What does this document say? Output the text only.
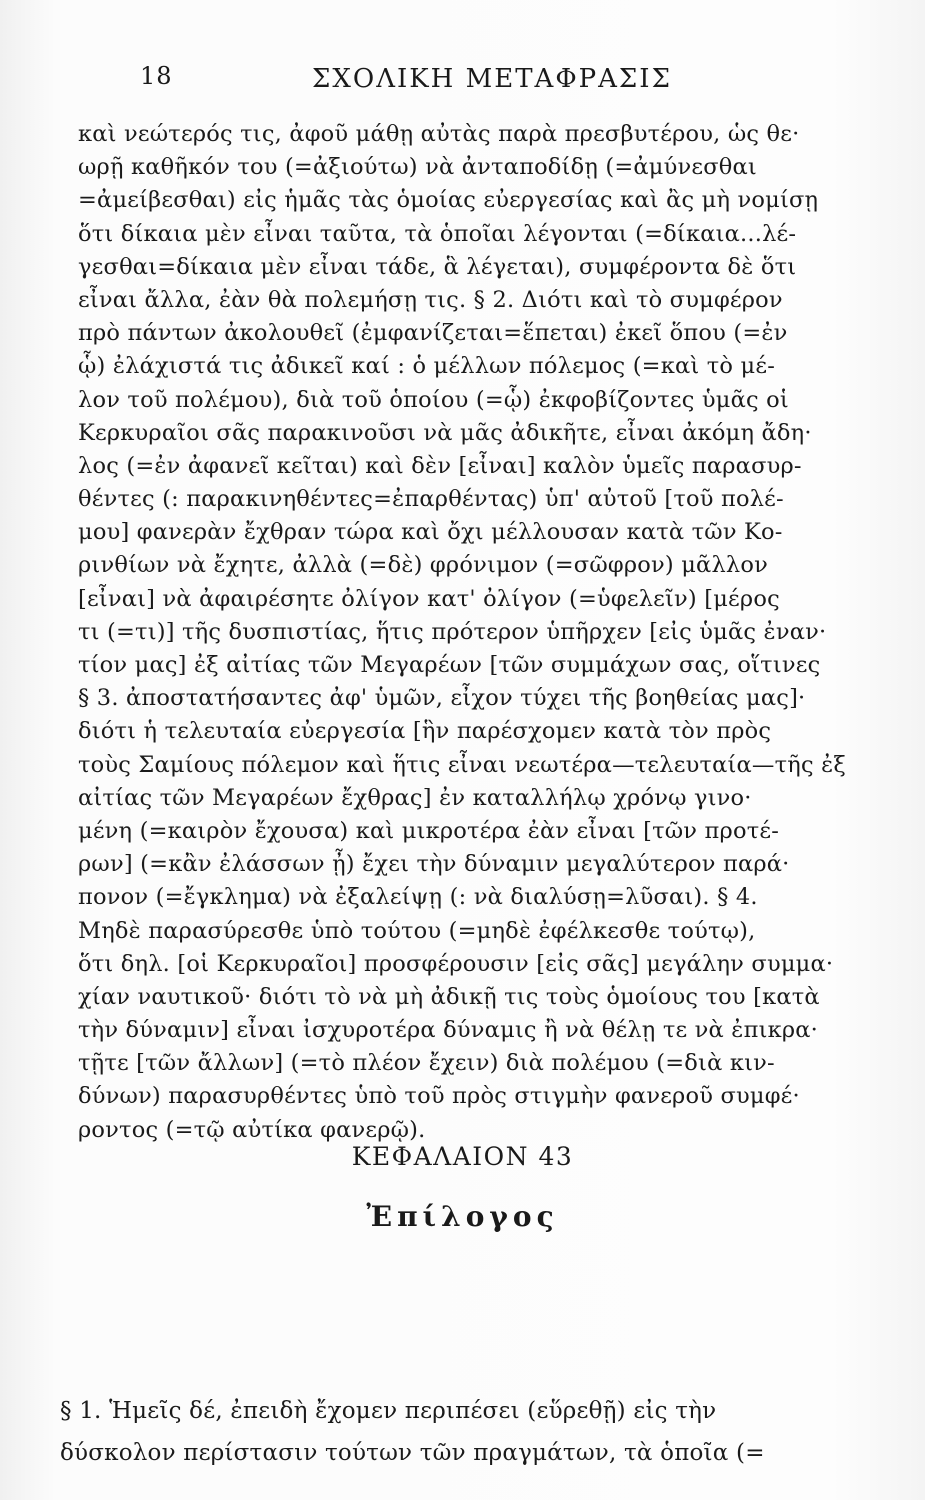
18	ΣΧΟΛΙΚΗ ΜΕΤΑΦΡΑΣΙΣ
καὶ νεώτερός τις, ἀφοῦ μάθῃ αὐτὰς παρὰ πρεσβυτέρου, ὡς θε·
ωρῇ καθῆκόν του (=ἀξιούτω) νὰ ἀνταποδίδῃ (=ἀμύνεσθαι
=ἀμείβεσθαι) εἰς ἡμᾶς τὰς ὁμοίας εὐεργεσίας καὶ ἂς μὴ νομίσῃ
ὅτι δίκαια μὲν εἶναι ταῦτα, τὰ ὁποῖαι λέγονται (=δίκαια...λέ-
γεσθαι=δίκαια μὲν εἶναι τάδε, ἃ λέγεται), συμφέροντα δὲ ὅτι
εἶναι ἄλλα, ἐὰν θὰ πολεμήσῃ τις. § 2. Διότι καὶ τὸ συμφέρον
πρὸ πάντων ἀκολουθεῖ (ἐμφανίζεται=ἕπεται) ἐκεῖ ὅπου (=ἐν
ᾧ) ἐλάχιστά τις ἀδικεῖ καί : ὁ μέλλων πόλεμος (=καὶ τὸ μέ-
λον τοῦ πολέμου), διὰ τοῦ ὁποίου (=ᾧ) ἐκφοβίζοντες ὑμᾶς οἱ
Κερκυραῖοι σᾶς παρακινοῦσι νὰ μᾶς ἀδικῆτε, εἶναι ἀκόμη ἄδη·
λος (=ἐν ἀφανεῖ κεῖται) καὶ δὲν [εἶναι] καλὸν ὑμεῖς παρασυρ-
θέντες (: παρακινηθέντες=ἐπαρθέντας) ὑπ' αὐτοῦ [τοῦ πολέ-
μου] φανερὰν ἔχθραν τώρα καὶ ὄχι μέλλουσαν κατὰ τῶν Κο-
ρινθίων νὰ ἔχητε, ἀλλὰ (=δὲ) φρόνιμον (=σῶφρον) μᾶλλον
[εἶναι] νὰ ἀφαιρέσητε ὀλίγον κατ' ὀλίγον (=ὑφελεῖν) [μέρος
τι (=τι)] τῆς δυσπιστίας, ἥτις πρότερον ὑπῆρχεν [εἰς ὑμᾶς ἐναν·
τίον μας] ἐξ αἰτίας τῶν Μεγαρέων [τῶν συμμάχων σας, οἵτινες
§ 3. ἀποστατήσαντες ἀφ' ὑμῶν, εἶχον τύχει τῆς βοηθείας μας]·
διότι ἡ τελευταία εὐεργεσία [ἣν παρέσχομεν κατὰ τὸν πρὸς
τοὺς Σαμίους πόλεμον καὶ ἥτις εἶναι νεωτέρα—τελευταία—τῆς ἐξ
αἰτίας τῶν Μεγαρέων ἔχθρας] ἐν καταλλήλῳ χρόνῳ γινο·
μένη (=καιρὸν ἔχουσα) καὶ μικροτέρα ἐὰν εἶναι [τῶν προτέ-
ρων] (=κἂν ἐλάσσων ᾖ) ἔχει τὴν δύναμιν μεγαλύτερον παρά·
πονον (=ἔγκλημα) νὰ ἐξαλείψῃ (: νὰ διαλύσῃ=λῦσαι). § 4.
Μηδὲ παρασύρεσθε ὑπὸ τούτου (=μηδὲ ἐφέλκεσθε τούτῳ),
ὅτι δηλ. [οἱ Κερκυραῖοι] προσφέρουσιν [εἰς σᾶς] μεγάλην συμμα·
χίαν ναυτικοῦ· διότι τὸ νὰ μὴ ἀδικῇ τις τοὺς ὁμοίους του [κατὰ
τὴν δύναμιν] εἶναι ἰσχυροτέρα δύναμις ἢ νὰ θέλῃ τε νὰ ἐπικρα·
τῇτε [τῶν ἄλλων] (=τὸ πλέον ἔχειν) διὰ πολέμου (=διὰ κιν-
δύνων) παρασυρθέντες ὑπὸ τοῦ πρὸς στιγμὴν φανεροῦ συμφέ·
ροντος (=τῷ αὐτίκα φανερῷ).
ΚΕΦΑΛΑΙΟΝ 43
Ἐπίλογος
§ 1. Ἡμεῖς δέ, ἐπειδὴ ἔχομεν περιπέσει (εὕρεθῇ) εἰς τὴν
δύσκολον περίστασιν τούτων τῶν πραγμάτων, τὰ ὁποῖα (=
